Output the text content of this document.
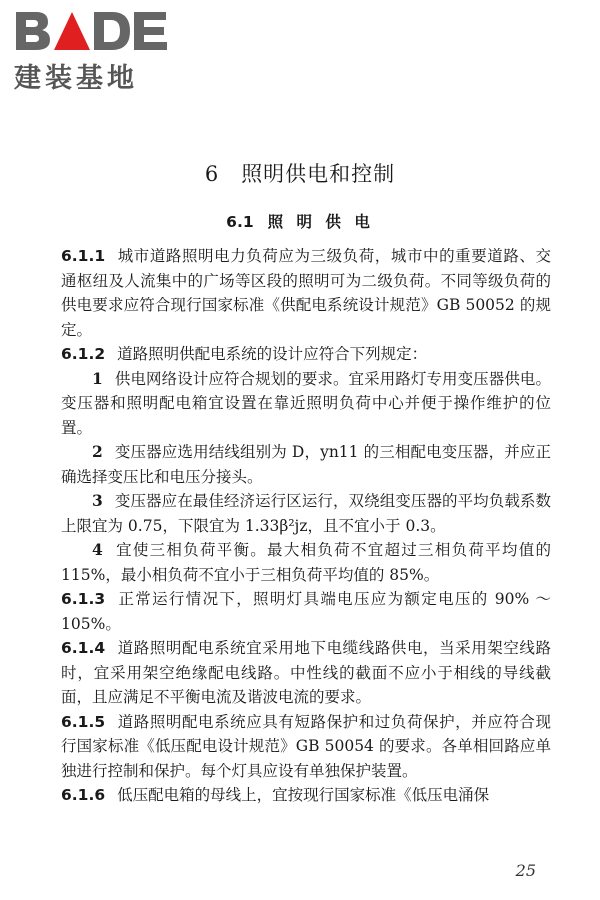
建装基地
6 照明供电和控制
6.1 照 明 供 电

6.1.1 城市道路照明电力负荷应为三级负荷，城市中的重要道路、交通枢纽及人流集中的广场等区段的照明可为二级负荷。不同等级负荷的供电要求应符合现行国家标准《供配电系统设计规范》GB 50052 的规定。

6.1.2 道路照明供配电系统的设计应符合下列规定：

1 供电网络设计应符合规划的要求。宜采用路灯专用变压器供电。变压器和照明配电箱宜设置在靠近照明负荷中心并便于操作维护的位置。

2 变压器应选用结线组别为 D，yn11 的三相配电变压器，并应正确选择变压比和电压分接头。

3 变压器应在最佳经济运行区运行，双绕组变压器的平均负载系数上限宜为 0.75，下限宜为 1.33β²jz，且不宜小于 0.3。

4 宜使三相负荷平衡。最大相负荷不宜超过三相负荷平均值的 115%，最小相负荷不宜小于三相负荷平均值的 85%。

6.1.3 正常运行情况下，照明灯具端电压应为额定电压的 90% ～105%。

6.1.4 道路照明配电系统宜采用地下电缆线路供电，当采用架空线路时，宜采用架空绝缘配电线路。中性线的截面不应小于相线的导线截面，且应满足不平衡电流及谐波电流的要求。

6.1.5 道路照明配电系统应具有短路保护和过负荷保护，并应符合现行国家标准《低压配电设计规范》GB 50054 的要求。各单相回路应单独进行控制和保护。每个灯具应设有单独保护装置。

6.1.6 低压配电箱的母线上，宜按现行国家标准《低压电涌保

25
